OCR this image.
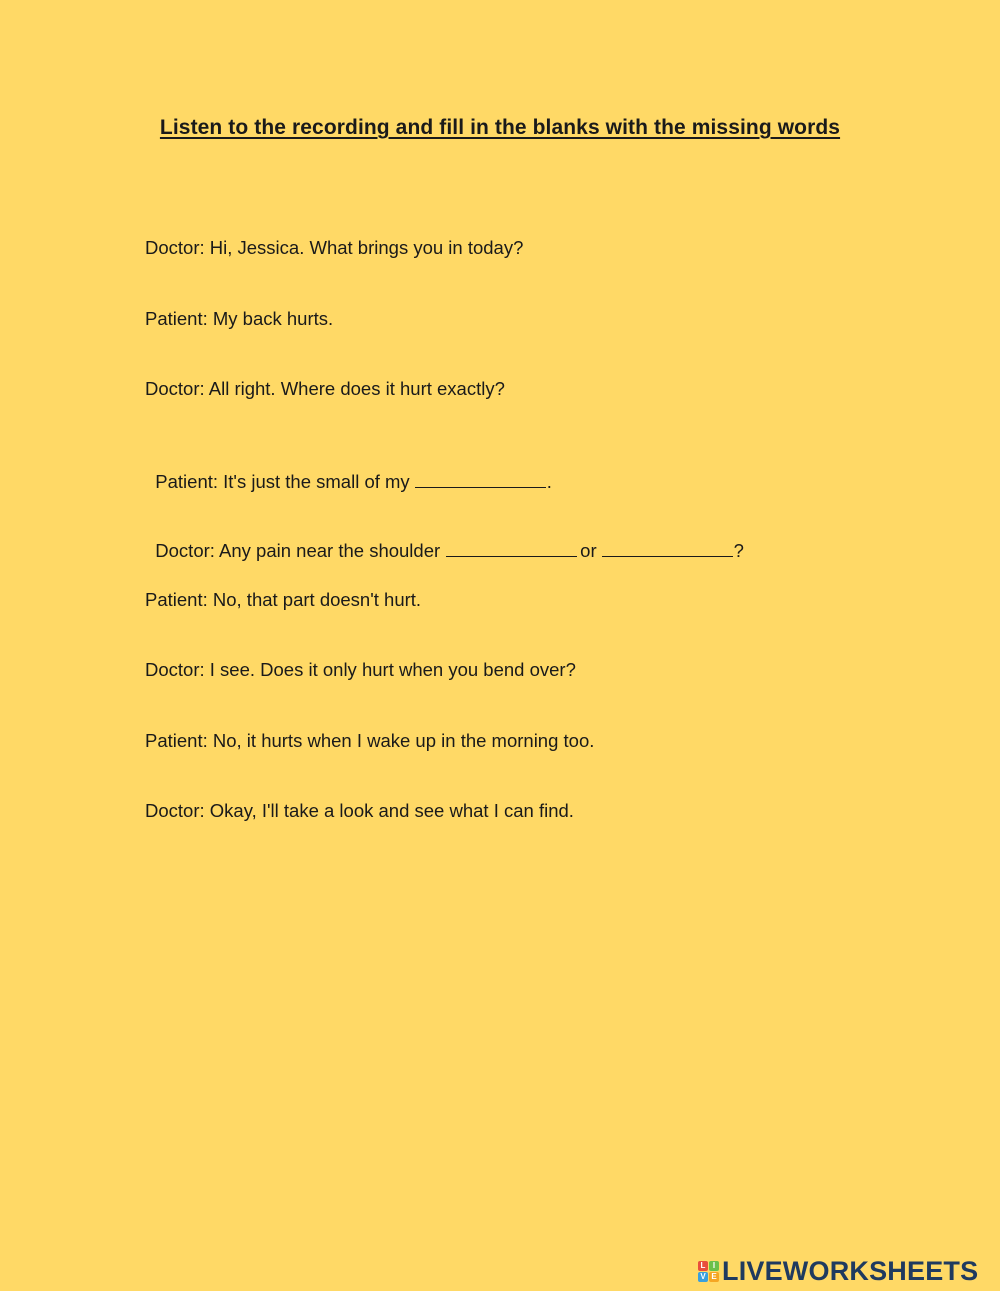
Listen to the recording and fill in the blanks with the missing words
Doctor: Hi, Jessica. What brings you in today?
Patient: My back hurts.
Doctor: All right. Where does it hurt exactly?

Patient: It's just the small of my	.

Doctor: Any pain near the shoulder	or	?

Patient: No, that part doesn't hurt.
Doctor: I see. Does it only hurt when you bend over?
Patient: No, it hurts when I wake up in the morning too.
Doctor: Okay, I'll take a look and see what I can find.
L I
V E LIVEWORKSHEETS
